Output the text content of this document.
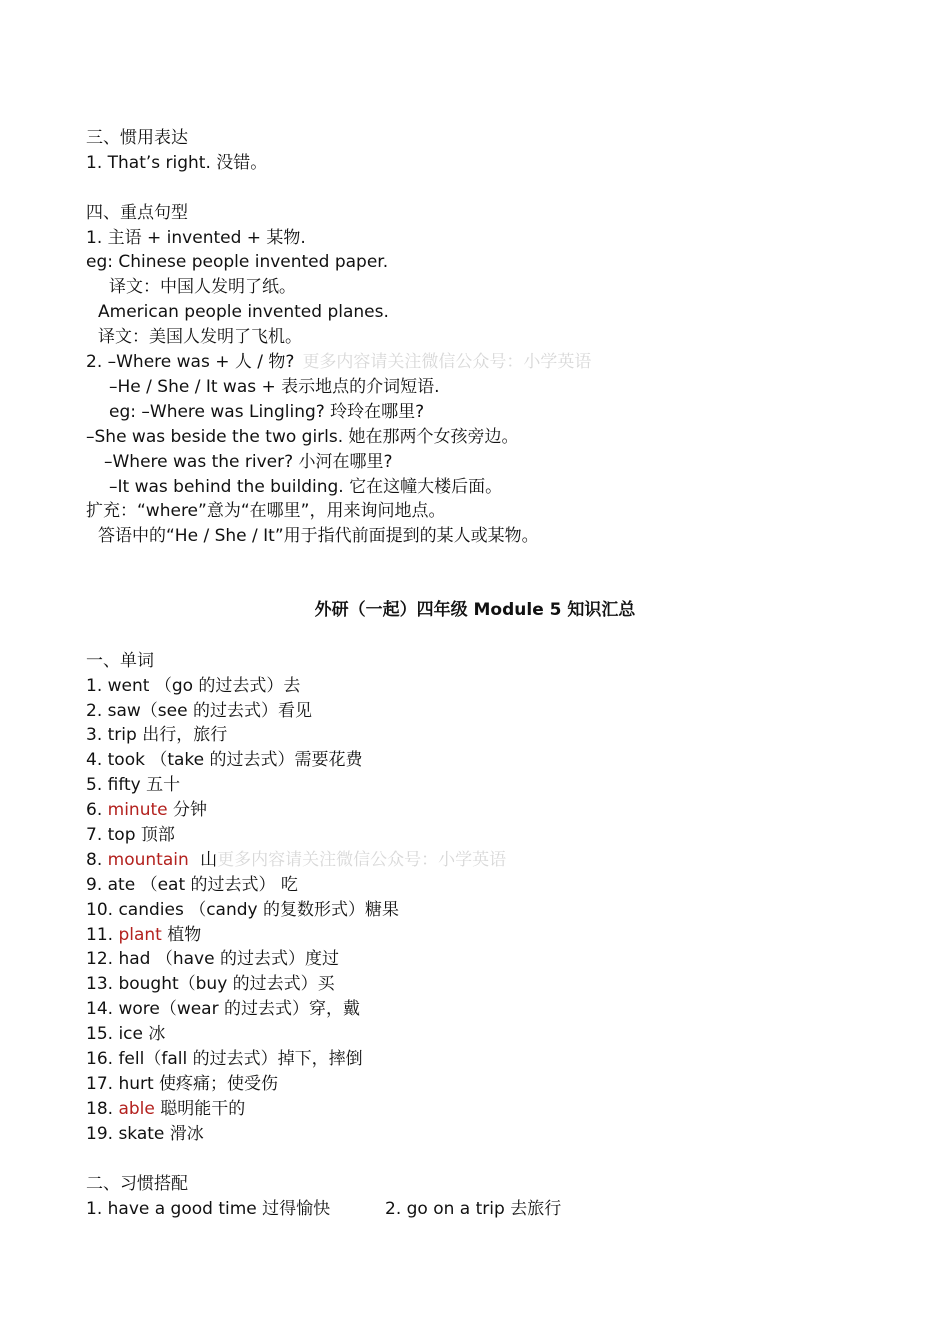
三、惯用表达
1. That’s right. 没错。
四、重点句型
1. 主语 + invented + 某物.
eg: Chinese people invented paper.
译文：中国人发明了纸。
American people invented planes.
译文：美国人发明了飞机。
2. –Where was + 人 / 物? 更多内容请关注微信公众号：小学英语
–He / She / It was + 表示地点的介词短语.
eg: –Where was Lingling? 玲玲在哪里?
–She was beside the two girls. 她在那两个女孩旁边。
–Where was the river? 小河在哪里?
–It was behind the building. 它在这幢大楼后面。
扩充：“where”意为“在哪里”，用来询问地点。
答语中的“He / She / It”用于指代前面提到的某人或某物。
外研（一起）四年级 Module 5 知识汇总
一、单词
1. went （go 的过去式）去
2. saw（see 的过去式）看见
3. trip 出行，旅行
4. took （take 的过去式）需要花费
5. fifty 五十
6. minute 分钟
7. top 顶部
8. mountain 山更多内容请关注微信公众号：小学英语
9. ate （eat 的过去式） 吃
10. candies （candy 的复数形式）糖果
11. plant 植物
12. had （have 的过去式）度过
13. bought（buy 的过去式）买
14. wore（wear 的过去式）穿，戴
15. ice 冰
16. fell（fall 的过去式）掉下，摔倒
17. hurt 使疼痛；使受伤
18. able 聪明能干的
19. skate 滑冰
二、习惯搭配
1. have a good time 过得愉快	2. go on a trip 去旅行
